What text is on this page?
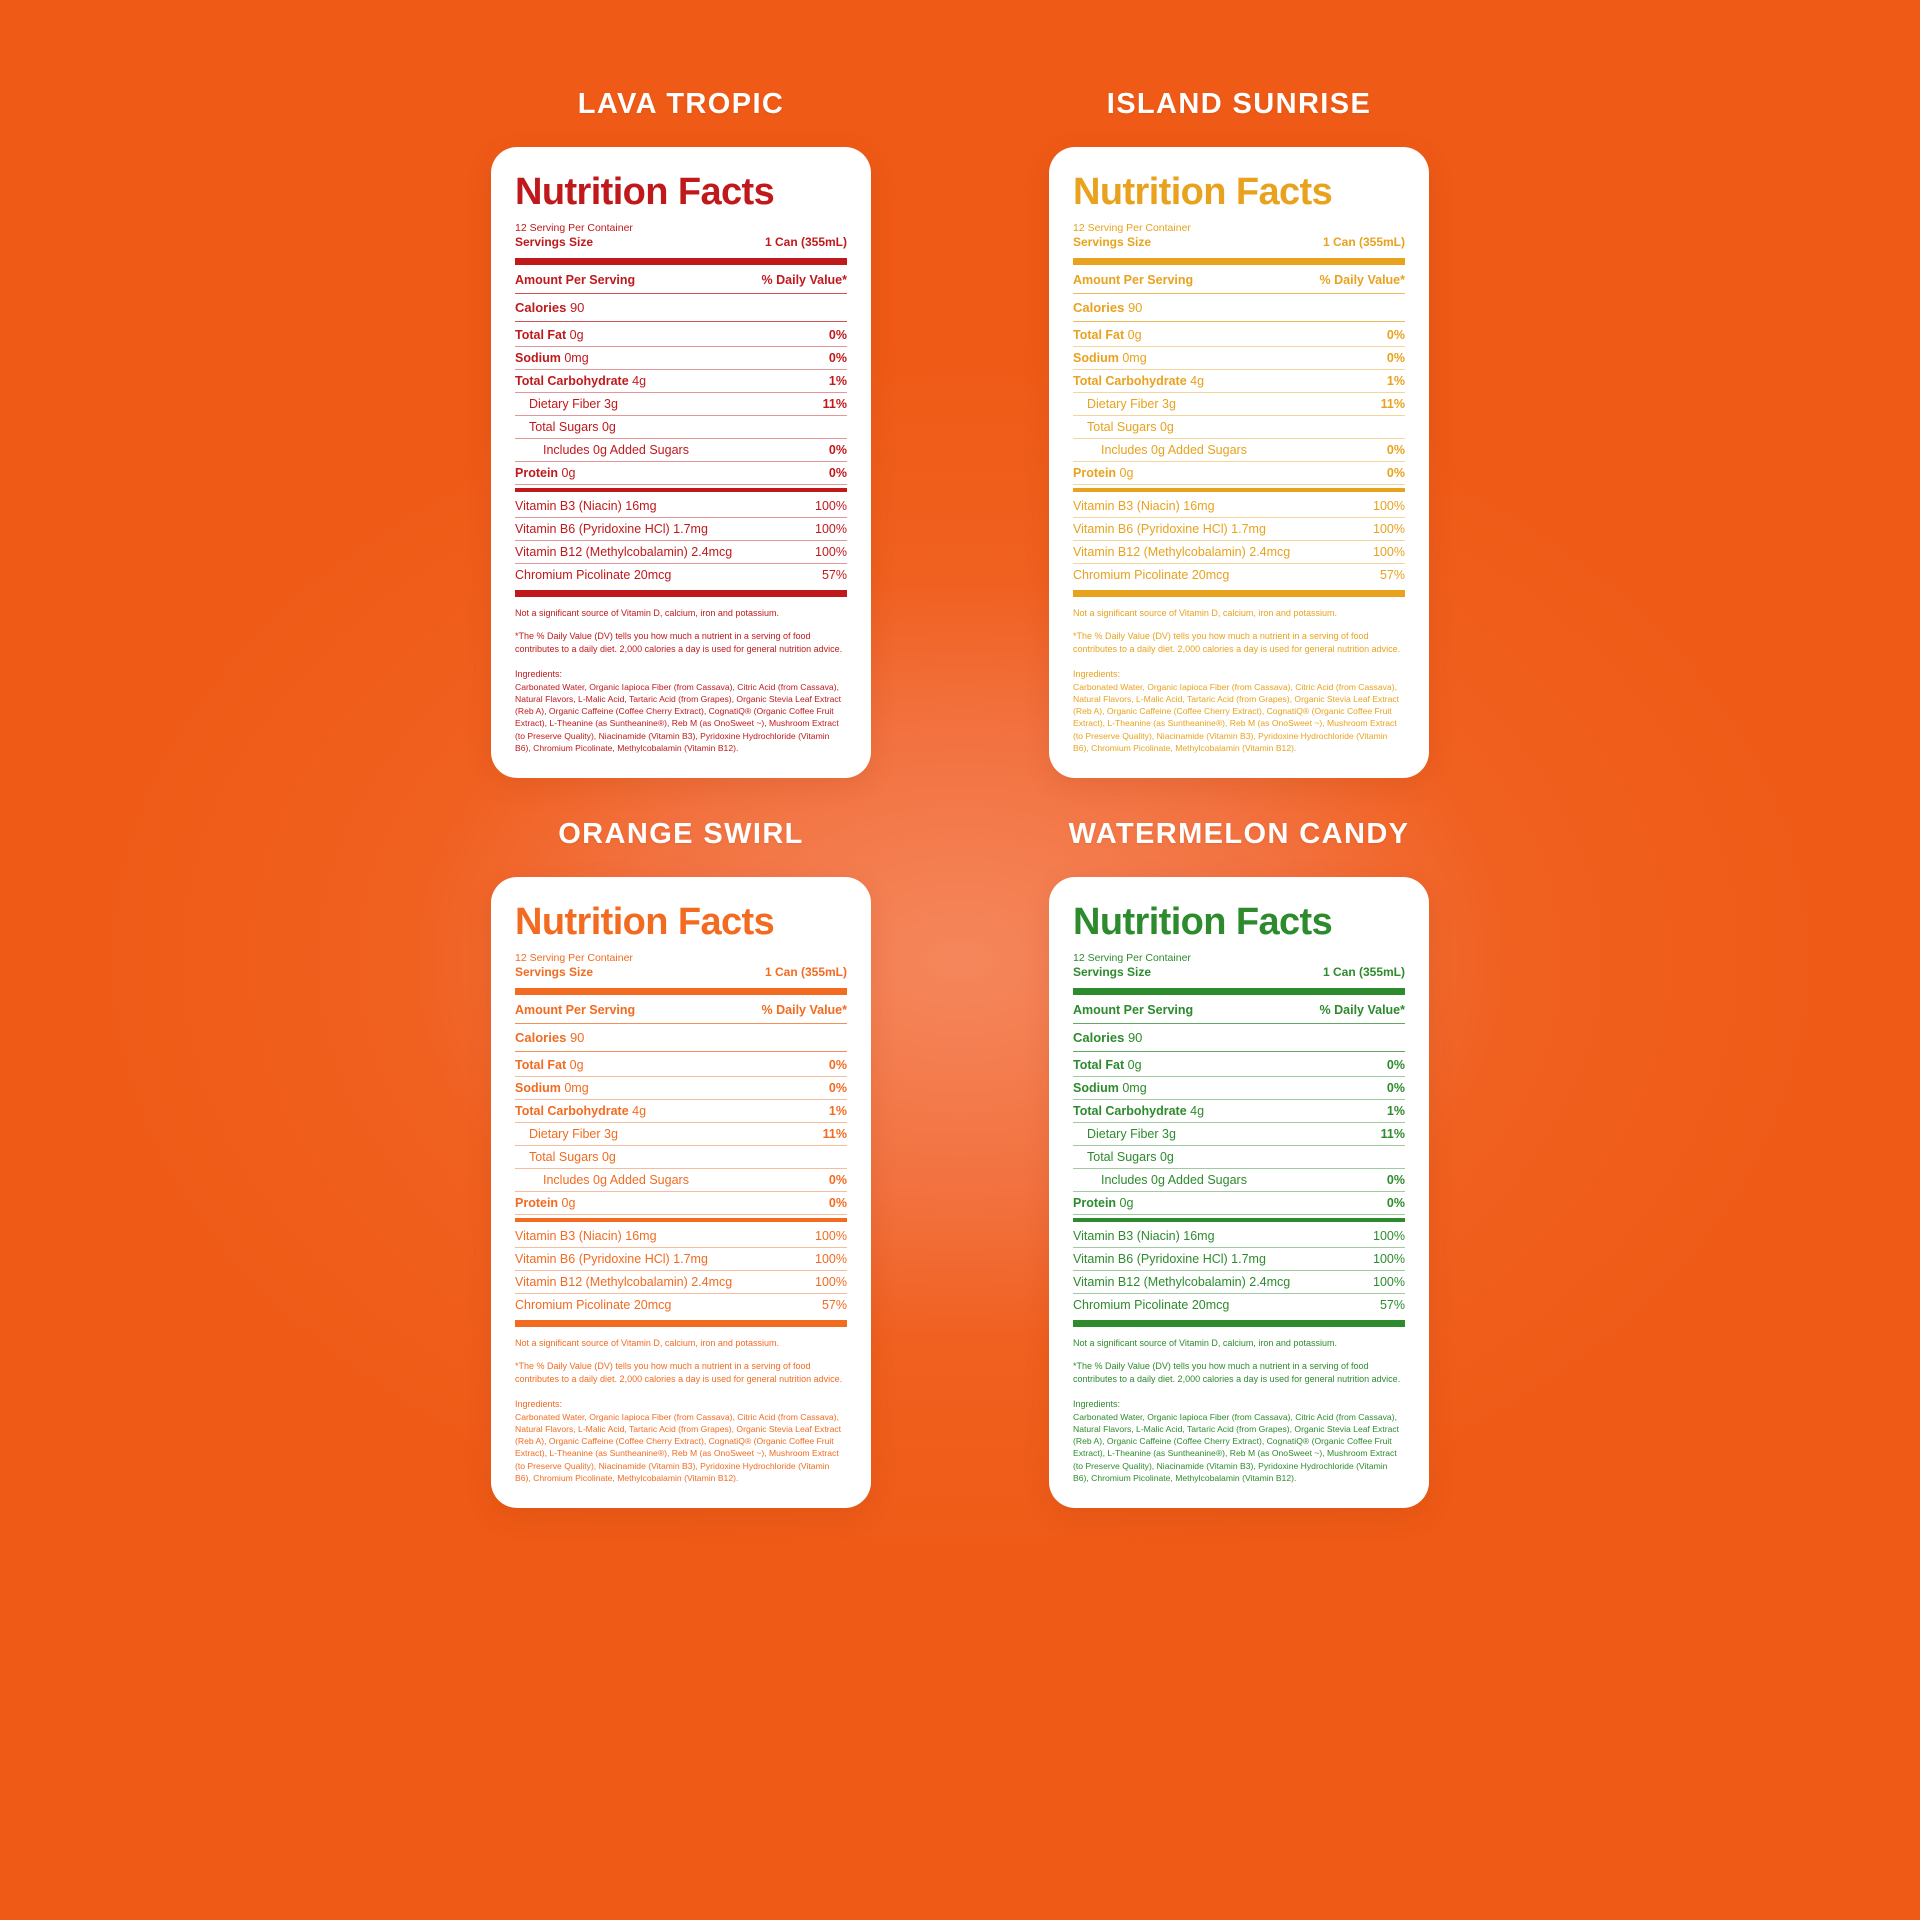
LAVA TROPIC
Nutrition Facts
12 Serving Per Container
Servings Size	1 Can (355mL)
Amount Per Serving	% Daily Value*
Calories 90
Total Fat 0g	0%
Sodium 0mg	0%
Total Carbohydrate 4g	1%
Dietary Fiber 3g	11%
Total Sugars 0g
Includes 0g Added Sugars	0%
Protein 0g	0%
Vitamin B3 (Niacin) 16mg	100%
Vitamin B6 (Pyridoxine HCl) 1.7mg	100%
Vitamin B12 (Methylcobalamin) 2.4mcg	100%
Chromium Picolinate 20mcg	57%
Not a significant source of Vitamin D, calcium, iron and potassium.
*The % Daily Value (DV) tells you how much a nutrient in a serving of food contributes to a daily diet. 2,000 calories a day is used for general nutrition advice.
Ingredients:
Carbonated Water, Organic Iapioca Fiber (from Cassava), Citric Acid (from Cassava), Natural Flavors, L-Malic Acid, Tartaric Acid (from Grapes), Organic Stevia Leaf Extract (Reb A), Organic Caffeine (Coffee Cherry Extract), CognatiQ® (Organic Coffee Fruit Extract), L-Theanine (as Suntheanine®), Reb M (as OnoSweet ~), Mushroom Extract (to Preserve Quality), Niacinamide (Vitamin B3), Pyridoxine Hydrochloride (Vitamin B6), Chromium Picolinate, Methylcobalamin (Vitamin B12).
ISLAND SUNRISE
Nutrition Facts
12 Serving Per Container
Servings Size	1 Can (355mL)
Amount Per Serving	% Daily Value*
Calories 90
Total Fat 0g	0%
Sodium 0mg	0%
Total Carbohydrate 4g	1%
Dietary Fiber 3g	11%
Total Sugars 0g
Includes 0g Added Sugars	0%
Protein 0g	0%
Vitamin B3 (Niacin) 16mg	100%
Vitamin B6 (Pyridoxine HCl) 1.7mg	100%
Vitamin B12 (Methylcobalamin) 2.4mcg	100%
Chromium Picolinate 20mcg	57%
Not a significant source of Vitamin D, calcium, iron and potassium.
*The % Daily Value (DV) tells you how much a nutrient in a serving of food contributes to a daily diet. 2,000 calories a day is used for general nutrition advice.
Ingredients:
Carbonated Water, Organic Iapioca Fiber (from Cassava), Citric Acid (from Cassava), Natural Flavors, L-Malic Acid, Tartaric Acid (from Grapes), Organic Stevia Leaf Extract (Reb A), Organic Caffeine (Coffee Cherry Extract), CognatiQ® (Organic Coffee Fruit Extract), L-Theanine (as Suntheanine®), Reb M (as OnoSweet ~), Mushroom Extract (to Preserve Quality), Niacinamide (Vitamin B3), Pyridoxine Hydrochloride (Vitamin B6), Chromium Picolinate, Methylcobalamin (Vitamin B12).
ORANGE SWIRL
Nutrition Facts
12 Serving Per Container
Servings Size	1 Can (355mL)
Amount Per Serving	% Daily Value*
Calories 90
Total Fat 0g	0%
Sodium 0mg	0%
Total Carbohydrate 4g	1%
Dietary Fiber 3g	11%
Total Sugars 0g
Includes 0g Added Sugars	0%
Protein 0g	0%
Vitamin B3 (Niacin) 16mg	100%
Vitamin B6 (Pyridoxine HCl) 1.7mg	100%
Vitamin B12 (Methylcobalamin) 2.4mcg	100%
Chromium Picolinate 20mcg	57%
Not a significant source of Vitamin D, calcium, iron and potassium.
*The % Daily Value (DV) tells you how much a nutrient in a serving of food contributes to a daily diet. 2,000 calories a day is used for general nutrition advice.
Ingredients:
Carbonated Water, Organic Iapioca Fiber (from Cassava), Citric Acid (from Cassava), Natural Flavors, L-Malic Acid, Tartaric Acid (from Grapes), Organic Stevia Leaf Extract (Reb A), Organic Caffeine (Coffee Cherry Extract), CognatiQ® (Organic Coffee Fruit Extract), L-Theanine (as Suntheanine®), Reb M (as OnoSweet ~), Mushroom Extract (to Preserve Quality), Niacinamide (Vitamin B3), Pyridoxine Hydrochloride (Vitamin B6), Chromium Picolinate, Methylcobalamin (Vitamin B12).
WATERMELON CANDY
Nutrition Facts
12 Serving Per Container
Servings Size	1 Can (355mL)
Amount Per Serving	% Daily Value*
Calories 90
Total Fat 0g	0%
Sodium 0mg	0%
Total Carbohydrate 4g	1%
Dietary Fiber 3g	11%
Total Sugars 0g
Includes 0g Added Sugars	0%
Protein 0g	0%
Vitamin B3 (Niacin) 16mg	100%
Vitamin B6 (Pyridoxine HCl) 1.7mg	100%
Vitamin B12 (Methylcobalamin) 2.4mcg	100%
Chromium Picolinate 20mcg	57%
Not a significant source of Vitamin D, calcium, iron and potassium.
*The % Daily Value (DV) tells you how much a nutrient in a serving of food contributes to a daily diet. 2,000 calories a day is used for general nutrition advice.
Ingredients:
Carbonated Water, Organic Iapioca Fiber (from Cassava), Citric Acid (from Cassava), Natural Flavors, L-Malic Acid, Tartaric Acid (from Grapes), Organic Stevia Leaf Extract (Reb A), Organic Caffeine (Coffee Cherry Extract), CognatiQ® (Organic Coffee Fruit Extract), L-Theanine (as Suntheanine®), Reb M (as OnoSweet ~), Mushroom Extract (to Preserve Quality), Niacinamide (Vitamin B3), Pyridoxine Hydrochloride (Vitamin B6), Chromium Picolinate, Methylcobalamin (Vitamin B12).
